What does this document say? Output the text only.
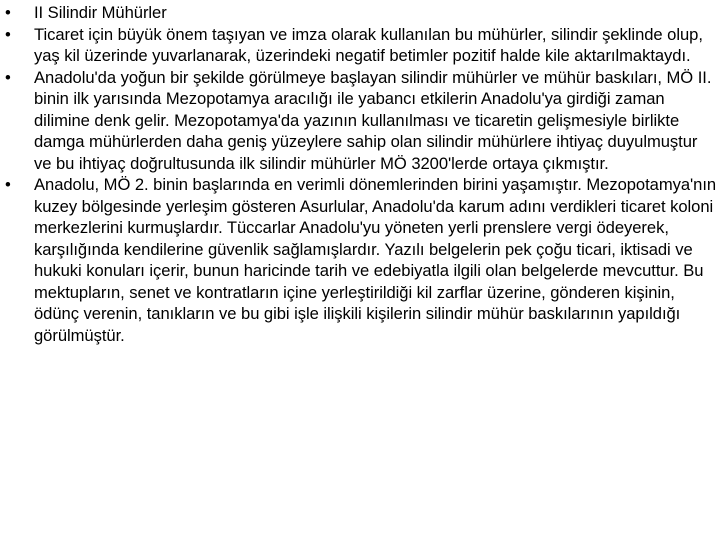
•	II Silindir Mühürler
•	Ticaret için büyük önem taşıyan ve imza olarak kullanılan bu mühürler, silindir şeklinde olup, yaş kil üzerinde yuvarlanarak, üzerindeki negatif betimler pozitif halde kile aktarılmaktaydı.
•	Anadolu'da yoğun bir şekilde görülmeye başlayan silindir mühürler ve mühür baskıları, MÖ II. binin ilk yarısında Mezopotamya aracılığı ile yabancı etkilerin Anadolu'ya girdiği zaman dilimine denk gelir. Mezopotamya'da yazının kullanılması ve ticaretin gelişmesiyle birlikte damga mühürlerden daha geniş yüzeylere sahip olan silindir mühürlere ihtiyaç duyulmuştur ve bu ihtiyaç doğrultusunda ilk silindir mühürler MÖ 3200'lerde ortaya çıkmıştır.
•	Anadolu, MÖ 2. binin başlarında en verimli dönemlerinden birini yaşamıştır. Mezopotamya'nın kuzey bölgesinde yerleşim gösteren Asurlular, Anadolu'da karum adını verdikleri ticaret koloni merkezlerini kurmuşlardır. Tüccarlar Anadolu'yu yöneten yerli prenslere vergi ödeyerek, karşılığında kendilerine güvenlik sağlamışlardır. Yazılı belgelerin pek çoğu ticari, iktisadi ve hukuki konuları içerir, bunun haricinde tarih ve edebiyatla ilgili olan belgelerde mevcuttur. Bu mektupların, senet ve kontratların içine yerleştirildiği kil zarflar üzerine, gönderen kişinin, ödünç verenin, tanıkların ve bu gibi işle ilişkili kişilerin silindir mühür baskılarının yapıldığı görülmüştür.
